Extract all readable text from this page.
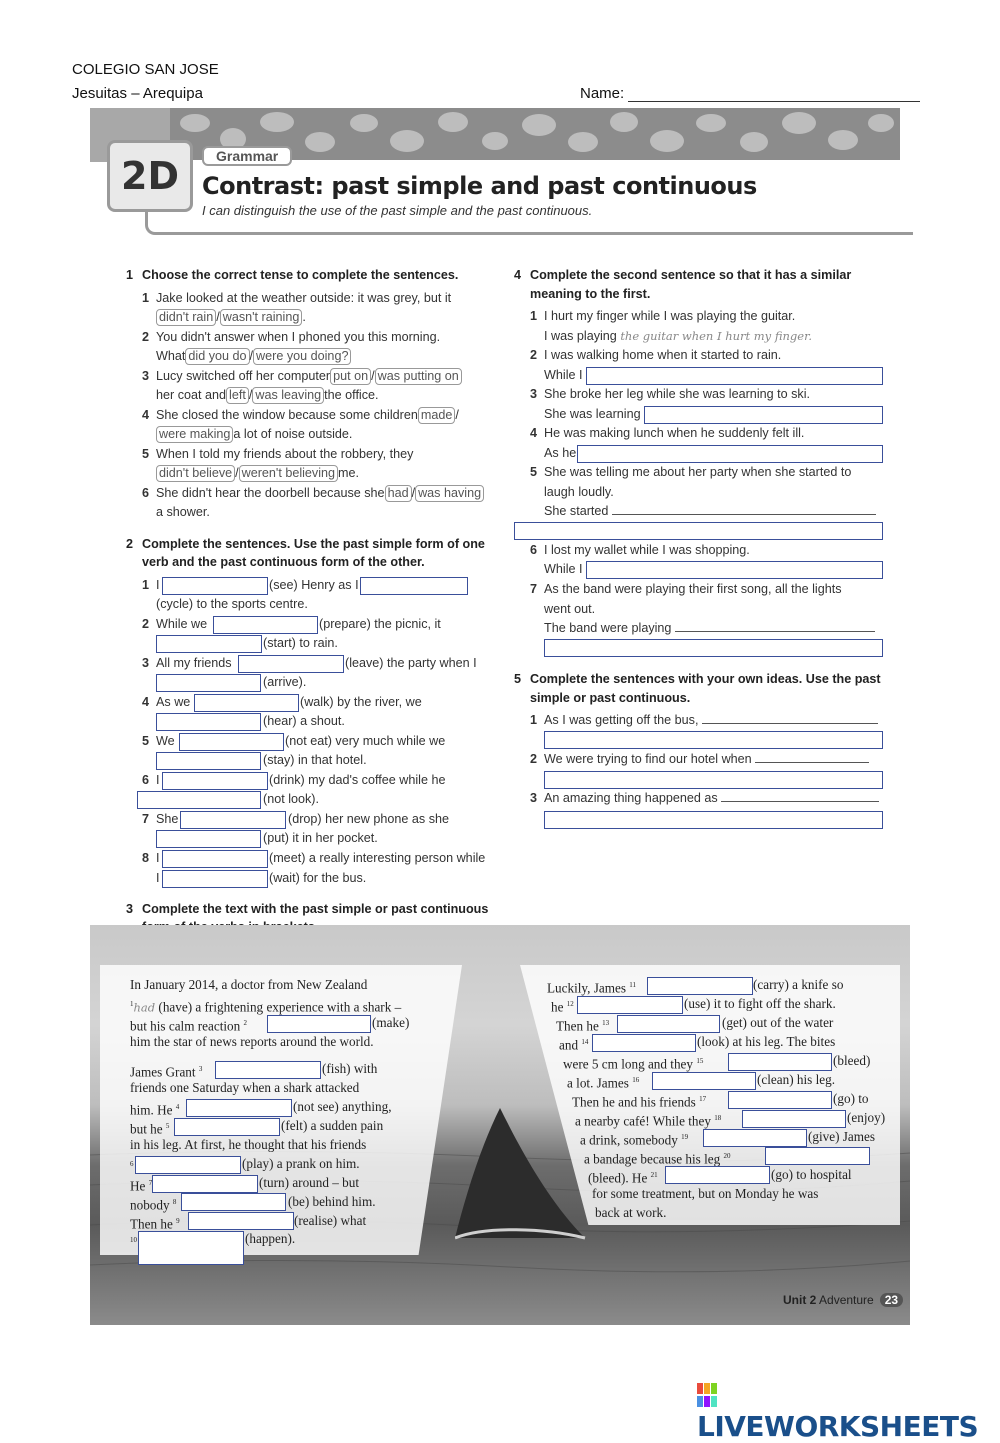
COLEGIO SAN JOSE
Jesuitas – Arequipa	Name:
2D	Grammar
Contrast: past simple and past continuous
I can distinguish the use of the past simple and the past continuous.
1 Choose the correct tense to complete the sentences.
1 Jake looked at the weather outside: it was grey, but it
didn't rain / wasn't raining .
2 You didn't answer when I phoned you this morning.
What did you do / were you doing?
3 Lucy switched off her computer put on / was putting on
her coat and left / was leaving the office.
4 She closed the window because some children made /
were making a lot of noise outside.
5 When I told my friends about the robbery, they
didn't believe / weren't believing me.
6 She didn't hear the doorbell because she had / was having
a shower.
2 Complete the sentences. Use the past simple form of one
verb and the past continuous form of the other.
1 I	(see) Henry as I
(cycle) to the sports centre.
2 While we	(prepare) the picnic, it
(start) to rain.
3 All my friends	(leave) the party when I
(arrive).
4 As we	(walk) by the river, we
(hear) a shout.
5 We	(not eat) very much while we
(stay) in that hotel.
6 I	(drink) my dad's coffee while he
(not look).
7 She	(drop) her new phone as she
(put) it in her pocket.
8 I	(meet) a really interesting person while
I	(wait) for the bus.
3 Complete the text with the past simple or past continuous
4 Complete the second sentence so that it has a similar
meaning to the first.
1 I hurt my finger while I was playing the guitar.
I was playing the guitar when I hurt my finger.
2 I was walking home when it started to rain.
While I
3 She broke her leg while she was learning to ski.
She was learning
4 He was making lunch when he suddenly felt ill.
As he
5 She was telling me about her party when she started to
laugh loudly.
She started
6 I lost my wallet while I was shopping.
While I
7 As the band were playing their first song, all the lights
went out.
The band were playing
5 Complete the sentences with your own ideas. Use the past
simple or past continuous.
1 As I was getting off the bus,
2 We were trying to find our hotel when
3 An amazing thing happened as
In January 2014, a doctor from New Zealand
$^1$had (have) a frightening experience with a shark –
but his calm reaction $^2$	(make)
him the star of news reports around the world.
James Grant $^3$	(fish) with
friends one Saturday when a shark attacked
him. He $^4$	(not see) anything,
but he $^5$	(felt) a sudden pain
in his leg. At first, he thought that his friends
$^6$	(play) a prank on him.
He $^7$	(turn) around – but
nobody $^8$	(be) behind him.
Then he $^9$	(realise) what
$^{10}$	(happen).
Luckily, James $^{11}$	(carry) a knife so
he $^{12}$	(use) it to fight off the shark.
Then he $^{13}$	(get) out of the water
and $^{14}$	(look) at his leg. The bites
were 5 cm long and they $^{15}$	(bleed)
a lot. James $^{16}$	(clean) his leg.
Then he and his friends $^{17}$	(go) to
a nearby café! While they $^{18}$	(enjoy)
a drink, somebody $^{19}$	(give) James
a bandage because his leg $^{20}$
(bleed). He $^{21}$	(go) to hospital
for some treatment, but on Monday he was
back at work.
Unit 2 Adventure 23
LIVEWORKSHEETS
